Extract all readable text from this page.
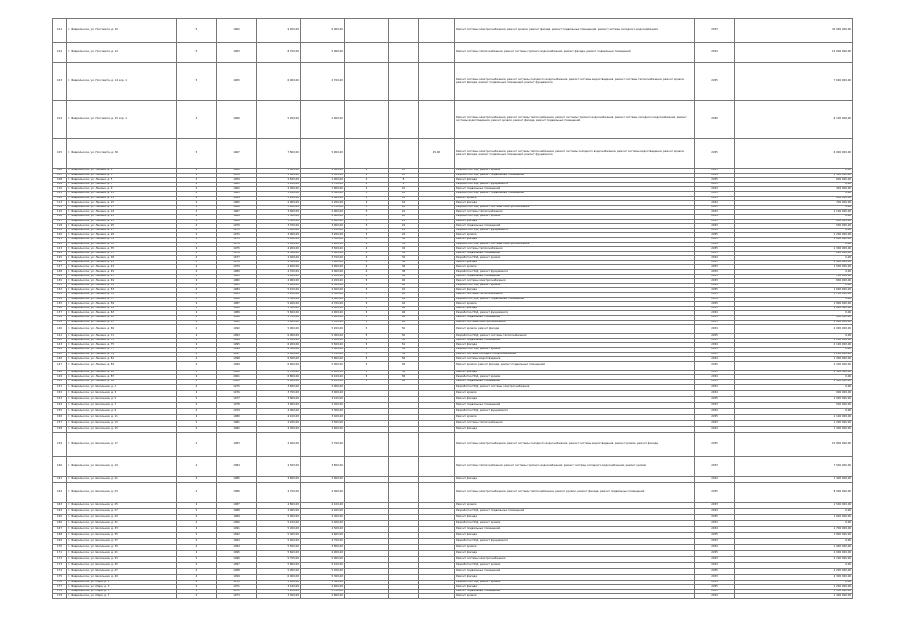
101	г. Февральское, ул. Поссовета, д. 10	5	1962	9 200,00	6 000,00				Ремонт системы электроснабжения, ремонт кровли, ремонт фасада, ремонт подвальных помещений, ремонт системы холодного водоснабжения	2033	34 000 000,00
102	г. Февральское, ул. Поссовета, д. 12	5	1963	8 700,00	5 900,00				Ремонт системы теплоснабжения, ремонт системы горячего водоснабжения, ремонт фасада, ремонт подвальных помещений	2034	12 000 000,00
103	г. Февральское, ул. Поссовета, д. 14 кор. 1	5	1965	6 000,00	2 700,00				Ремонт системы электроснабжения, ремонт системы холодного водоснабжения, ремонт системы водоотведения, ремонт системы теплоснабжения, ремонт кровли, ремонт фасада, ремонт подвальных помещений, ремонт фундамента	2035	7 600 000,00
104	г. Февральское, ул. Поссовета, д. 15 кор. 1	5	1966	5 200,00	2 900,00				Ремонт системы электроснабжения, ремонт системы теплоснабжения, ремонт системы горячего водоснабжения, ремонт системы холодного водоснабжения, ремонт системы водоотведения, ремонт кровли, ремонт фасада, ремонт подвальных помещений	2036	6 100 000,00
105	г. Февральское, ул. Поссовета, д. 30	5	1967	7 800,00	5 900,00			25,00	Ремонт системы электроснабжения, ремонт системы теплоснабжения, ремонт системы холодного водоснабжения, ремонт системы водоотведения, ремонт кровли, ремонт фасада, ремонт подвальных помещений, ремонт фундамента	2035	6 900 000,00
106	г. Февральское, ул. Ленина, д. 1	2	1960	3 000,00	2 400,00	2	10		Разработка ПСД, ремонт кровли	2033	0,00
107	г. Февральское, ул. Ленина, д. 3	2	1958	2 800,00	2 300,00	2	12		Разработка ПСД, ремонт подвальных помещений	2034	1 300 000,00
108	г. Февральское, ул. Ленина, д. 5	2	1959	2 500,00	1 900,00	2	8		Ремонт фасада	2035	600 000,00
109	г. Февральское, ул. Ленина, д. 7	2	1961	2 100,00	1 700,00	2	8		Разработка ПСД, ремонт фундамента	2033	0,00
110	г. Февральское, ул. Ленина, д. 9	2	1962	2 300,00	1 800,00	2	10		Ремонт подвальных помещений	2034	450 000,00
111	г. Февральское, ул. Ленина, д. 11	2	1963	3 100,00	2 500,00	3	18		Разработка ПСД, ремонт подвальных помещений	2035	0,00
112	г. Февральское, ул. Ленина, д. 13	2	1964	3 200,00	2 600,00	3	18		Ремонт кровли	2033	900 000,00
113	г. Февральское, ул. Ленина, д. 15	2	1965	2 900,00	2 200,00	3	16		Ремонт фасада	2034	700 000,00
114	г. Февральское, ул. Ленина, д. 17	2	1966	3 400,00	2 700,00	3	20		Разработка ПСД, ремонт системы электроснабжения	2035	0,00
115	г. Февральское, ул. Ленина, д. 19	2	1967	3 600,00	2 900,00	3	22		Ремонт системы теплоснабжения	2033	1 100 000,00
116	г. Февральское, ул. Ленина, д. 21	2	1968	3 300,00	2 600,00	3	20		Разработка ПСД, ремонт кровли	2034	0,00
117	г. Февральское, ул. Ленина, д. 23	2	1969	3 500,00	2 800,00	3	22		Ремонт фасада	2035	800 000,00
118	г. Февральское, ул. Ленина, д. 25	2	1970	3 700,00	3 000,00	3	24		Ремонт подвальных помещений	2033	500 000,00
119	г. Февральское, ул. Ленина, д. 27	2	1971	3 800,00	3 100,00	3	24		Разработка ПСД, ремонт фундамента	2034	0,00
120	г. Февральское, ул. Ленина, д. 29	2	1972	3 900,00	3 200,00	3	24		Ремонт кровли	2035	1 200 000,00
121	г. Февральское, ул. Ленина, д. 31	2	1973	4 000,00	3 300,00	4	30		Ремонт фасада	2033	1 000 000,00
122	г. Февральское, ул. Ленина, д. 33	2	1974	4 100,00	3 400,00	4	32		Разработка ПСД, ремонт системы электроснабжения	2034	0,00
123	г. Февральское, ул. Ленина, д. 35	2	1975	4 200,00	3 500,00	4	32		Ремонт системы теплоснабжения	2035	1 300 000,00
124	г. Февральское, ул. Ленина, д. 37	2	1976	4 300,00	3 600,00	4	34		Ремонт подвальных помещений	2033	600 000,00
125	г. Февральское, ул. Ленина, д. 39	2	1977	4 400,00	3 700,00	4	34		Разработка ПСД, ремонт кровли	2034	0,00
126	г. Февральское, ул. Ленина, д. 41	2	1978	4 500,00	3 800,00	4	36		Ремонт фасада	2035	1 400 000,00
127	г. Февральское, ул. Ленина, д. 43	2	1979	4 600,00	3 900,00	4	36		Ремонт кровли	2033	1 500 000,00
128	г. Февральское, ул. Ленина, д. 45	2	1980	4 700,00	4 000,00	4	38		Разработка ПСД, ремонт фундамента	2034	0,00
129	г. Февральское, ул. Ленина, д. 47	2	1981	4 800,00	4 100,00	4	38		Ремонт подвальных помещений	2035	700 000,00
130	г. Февральское, ул. Ленина, д. 49	2	1982	4 900,00	4 200,00	5	40		Ремонт системы электроснабжения	2033	800 000,00
131	г. Февральское, ул. Ленина, д. 51	2	1983	5 000,00	4 300,00	5	40		Разработка ПСД, ремонт кровли	2034	0,00
132	г. Февральское, ул. Ленина, д. 53	2	1984	5 100,00	4 400,00	5	42		Ремонт фасада	2035	1 600 000,00
133	г. Февральское, ул. Ленина, д. 55	2	1985	5 200,00	4 500,00	5	42		Ремонт системы теплоснабжения	2033	1 700 000,00
134	г. Февральское, ул. Ленина, д. 57	2	1986	5 300,00	4 600,00	5	44		Разработка ПСД, ремонт подвальных помещений	2034	0,00
135	г. Февральское, ул. Ленина, д. 59	2	1987	5 400,00	4 700,00	5	44		Ремонт кровли	2035	1 800 000,00
136	г. Февральское, ул. Ленина, д. 61	2	1988	5 500,00	4 800,00	5	46		Ремонт фасада	2033	1 900 000,00
137	г. Февральское, ул. Ленина, д. 63	2	1989	5 600,00	4 900,00	5	46		Разработка ПСД, ремонт фундамента	2034	0,00
138	г. Февральское, ул. Ленина, д. 65	2	1990	5 700,00	5 000,00	5	48		Ремонт подвальных помещений	2035	900 000,00
139	г. Февральское, ул. Ленина, д. 67	2	1991	5 800,00	5 100,00	5	48		Ремонт системы электроснабжения	2033	1 000 000,00
140	г. Февральское, ул. Ленина, д. 69	2	1992	5 900,00	5 200,00	5	50		Ремонт кровли, ремонт фасада	2034	2 000 000,00
141	г. Февральское, ул. Ленина, д. 71	2	1993	6 000,00	5 300,00	5	50		Разработка ПСД, ремонт системы теплоснабжения	2035	0,00
142	г. Февральское, ул. Ленина, д. 73	2	1994	6 100,00	5 400,00	5	52		Ремонт подвальных помещений	2033	1 100 000,00
143	г. Февральское, ул. Ленина, д. 75	2	1995	6 200,00	5 500,00	5	52		Ремонт фасада	2034	2 100 000,00
144	г. Февральское, ул. Ленина, д. 77	2	1996	6 300,00	5 600,00	5	54		Разработка ПСД, ремонт кровли	2035	0,00
145	г. Февральское, ул. Ленина, д. 79	2	1997	6 400,00	5 700,00	5	54		Ремонт системы холодного водоснабжения	2033	1 200 000,00
146	г. Февральское, ул. Ленина, д. 81	2	1998	6 500,00	5 800,00	5	56		Ремонт системы водоотведения	2034	1 300 000,00
147	г. Февральское, ул. Ленина, д. 83	2	1999	6 600,00	5 900,00	5	56		Ремонт кровли, ремонт фасада, ремонт подвальных помещений	2035	2 200 000,00
148	г. Февральское, ул. Ленина, д. 85	2	2000	6 700,00	6 000,00	5	58		Ремонт фасада	2033	2 300 000,00
149	г. Февральское, ул. Ленина, д. 87	2	2001	6 800,00	6 100,00	5	58		Разработка ПСД, ремонт кровли	2034	0,00
150	г. Февральское, ул. Ленина, д. 89	2	2002	6 900,00	6 200,00	5	60		Ремонт подвальных помещений	2035	1 400 000,00
151	г. Февральское, ул. Школьная, д. 1	2	1975	3 600,00	2 900,00				Разработка ПСД, ремонт системы электроснабжения	2033	0,00
152	г. Февральское, ул. Школьная, д. 3	2	1976	3 700,00	3 000,00				Ремонт кровли	2034	900 000,00
153	г. Февральское, ул. Школьная, д. 5	2	1977	3 800,00	3 100,00				Ремонт фасада	2035	1 000 000,00
154	г. Февральское, ул. Школьная, д. 7	2	1978	3 900,00	3 200,00				Ремонт подвальных помещений	2033	500 000,00
155	г. Февральское, ул. Школьная, д. 9	2	1979	4 000,00	3 300,00				Разработка ПСД, ремонт фундамента	2034	0,00
156	г. Февральское, ул. Школьная, д. 11	2	1980	4 100,00	3 400,00				Ремонт кровли	2035	1 100 000,00
157	г. Февральское, ул. Школьная, д. 13	2	1981	4 200,00	3 500,00				Ремонт системы теплоснабжения	2033	1 200 000,00
158	г. Февральское, ул. Школьная, д. 15	2	1982	4 300,00	3 600,00				Ремонт фасада	2034	1 300 000,00
159	г. Февральское, ул. Школьная, д. 17	2	1983	4 400,00	3 700,00				Ремонт системы электроснабжения, ремонт системы холодного водоснабжения, ремонт системы водоотведения, ремонт кровли, ремонт фасада	2035	10 800 000,00
160	г. Февральское, ул. Школьная, д. 19	2	1984	4 500,00	3 800,00				Ремонт системы теплоснабжения, ремонт системы горячего водоснабжения, ремонт системы холодного водоснабжения, ремонт кровли	2033	7 500 000,00
161	г. Февральское, ул. Школьная, д. 21	2	1985	4 600,00	3 900,00				Ремонт фасада	2034	1 400 000,00
162	г. Февральское, ул. Школьная, д. 23	2	1986	4 700,00	4 000,00				Ремонт системы электроснабжения, ремонт системы теплоснабжения, ремонт кровли, ремонт фасада, ремонт подвальных помещений	2035	8 000 000,00
163	г. Февральское, ул. Школьная, д. 25	2	1987	4 800,00	4 100,00				Ремонт кровли	2033	1 500 000,00
164	г. Февральское, ул. Школьная, д. 27	2	1988	4 900,00	4 200,00				Разработка ПСД, ремонт подвальных помещений	2034	0,00
165	г. Февральское, ул. Школьная, д. 29	2	1989	5 000,00	4 300,00				Ремонт фасада	2035	1 600 000,00
166	г. Февральское, ул. Школьная, д. 31	2	1990	5 100,00	4 400,00				Разработка ПСД, ремонт кровли	2033	0,00
167	г. Февральское, ул. Школьная, д. 33	2	1991	5 200,00	4 500,00				Ремонт подвальных помещений	2034	1 700 000,00
168	г. Февральское, ул. Школьная, д. 35	2	1992	5 300,00	4 600,00				Ремонт фасада	2035	1 800 000,00
169	г. Февральское, ул. Школьная, д. 37	2	1993	5 400,00	4 700,00				Разработка ПСД, ремонт фундамента	2033	0,00
170	г. Февральское, ул. Школьная, д. 39	2	1994	5 500,00	4 800,00				Ремонт кровли	2034	1 900 000,00
171	г. Февральское, ул. Школьная, д. 41	2	1995	5 600,00	4 900,00				Ремонт фасада	2035	2 000 000,00
172	г. Февральское, ул. Школьная, д. 43	2	1996	5 700,00	5 000,00				Ремонт системы электроснабжения	2033	2 100 000,00
173	г. Февральское, ул. Школьная, д. 45	2	1997	5 800,00	5 100,00				Разработка ПСД, ремонт кровли	2034	0,00
174	г. Февральское, ул. Школьная, д. 47	2	1998	5 900,00	5 200,00				Ремонт подвальных помещений	2035	2 200 000,00
175	г. Февральское, ул. Школьная, д. 49	2	1999	6 000,00	5 300,00				Ремонт фасада	2033	2 300 000,00
176	г. Февральское, ул. Мира, д. 1	2	1970	3 000,00	2 500,00				Разработка ПСД, ремонт кровли	2034	0,00
177	г. Февральское, ул. Мира, д. 3	2	1971	3 100,00	2 600,00				Ремонт фасада	2035	1 200 000,00
178	г. Февральское, ул. Мира, д. 5	2	1972	3 200,00	2 700,00				Ремонт подвальных помещений	2033	1 300 000,00
179	г. Февральское, ул. Мира, д. 7	2	1973	3 300,00	2 800,00				Ремонт кровли	2034	1 400 000,00
